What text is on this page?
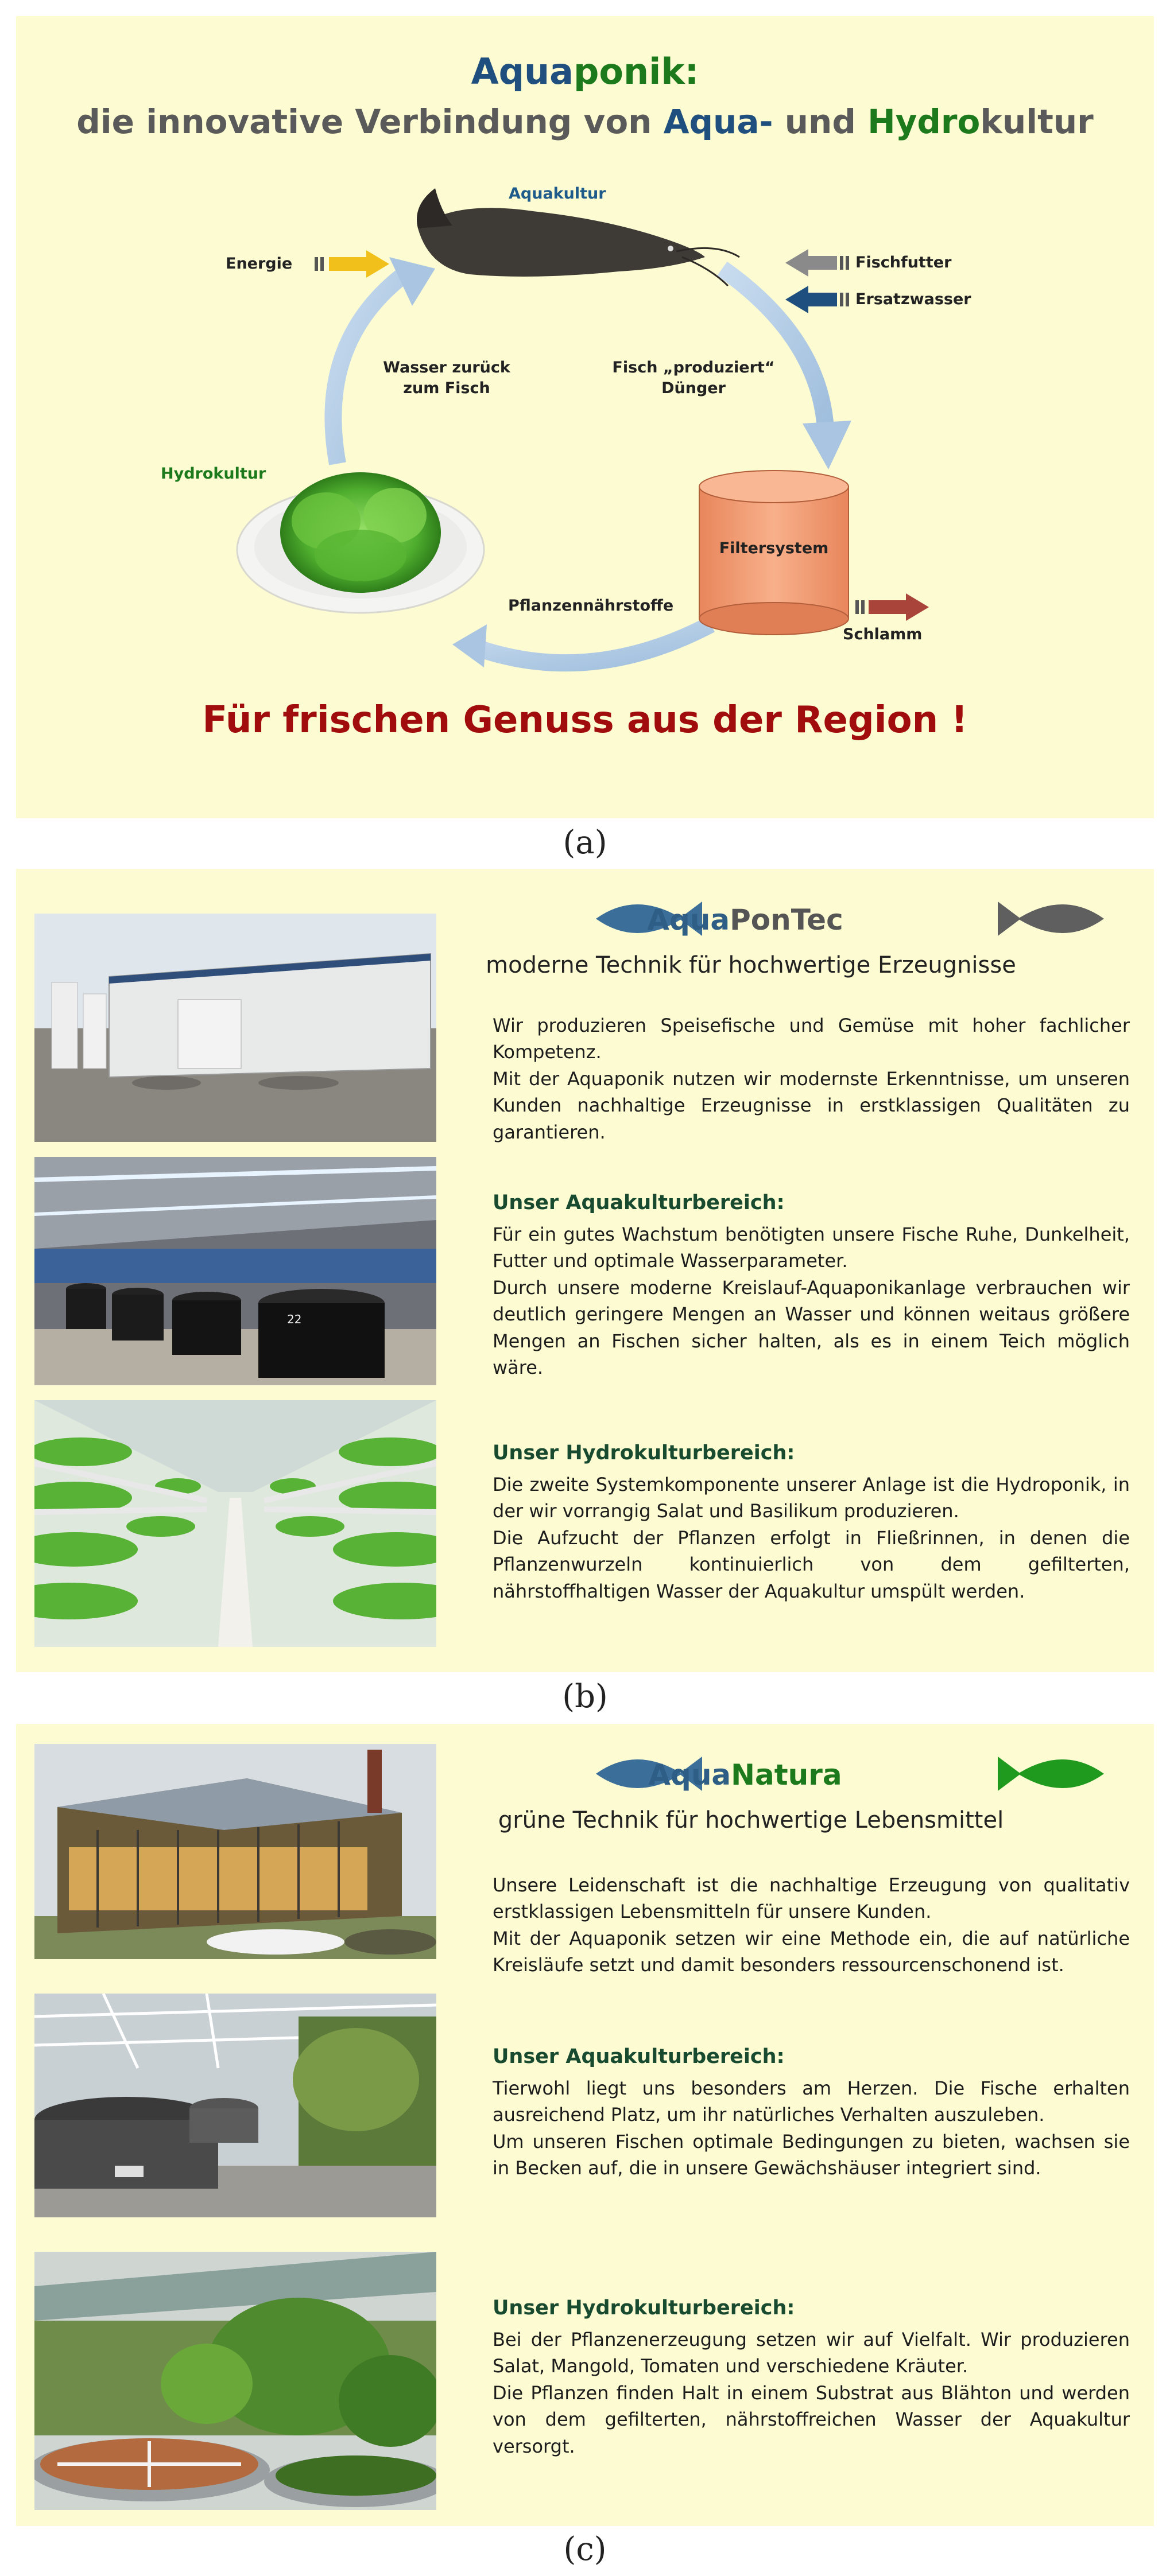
Aquaponik:
die innovative Verbindung von Aqua- und Hydrokultur
Aquakultur
Energie	Fischfutter
Ersatzwasser
Wasser zurück
zum Fisch
Fisch „produziert“
Dünger
Hydrokultur
Filtersystem
Pflanzennährstoffe
Schlamm
Für frischen Genuss aus der Region !
(a)
22
AquaPonTec
moderne Technik für hochwertige Erzeugnisse

Wir produzieren Speisefische und Gemüse mit hoher fachlicher Kompetenz.

Mit der Aquaponik nutzen wir modernste Erkenntnisse, um unseren Kunden nachhaltige Erzeugnisse in erstklassigen Qualitäten zu garantieren.

Unser Aquakulturbereich:

Für ein gutes Wachstum benötigten unsere Fische Ruhe, Dunkelheit, Futter und optimale Wasserparameter.

Durch unsere moderne Kreislauf-Aquaponikanlage verbrauchen wir deutlich geringere Mengen an Wasser und können weitaus größere Mengen an Fischen sicher halten, als es in einem Teich möglich wäre.

Unser Hydrokulturbereich:

Die zweite Systemkomponente unserer Anlage ist die Hydroponik, in der wir vorrangig Salat und Basilikum produzieren.

Die Aufzucht der Pflanzen erfolgt in Fließrinnen, in denen die Pflanzenwurzeln kontinuierlich von dem gefilterten, nährstoffhaltigen Wasser der Aquakultur umspült werden.

(b)
AquaNatura
grüne Technik für hochwertige Lebensmittel

Unsere Leidenschaft ist die nachhaltige Erzeugung von qualitativ erstklassigen Lebensmitteln für unsere Kunden.

Mit der Aquaponik setzen wir eine Methode ein, die auf natürliche Kreisläufe setzt und damit besonders ressourcenschonend ist.

Unser Aquakulturbereich:

Tierwohl liegt uns besonders am Herzen. Die Fische erhalten ausreichend Platz, um ihr natürliches Verhalten auszuleben.

Um unseren Fischen optimale Bedingungen zu bieten, wachsen sie in Becken auf, die in unsere Gewächshäuser integriert sind.

Unser Hydrokulturbereich:

Bei der Pflanzenerzeugung setzen wir auf Vielfalt. Wir produzieren Salat, Mangold, Tomaten und verschiedene Kräuter.

Die Pflanzen finden Halt in einem Substrat aus Blähton und werden von dem gefilterten, nährstoffreichen Wasser der Aquakultur versorgt.

(c)
